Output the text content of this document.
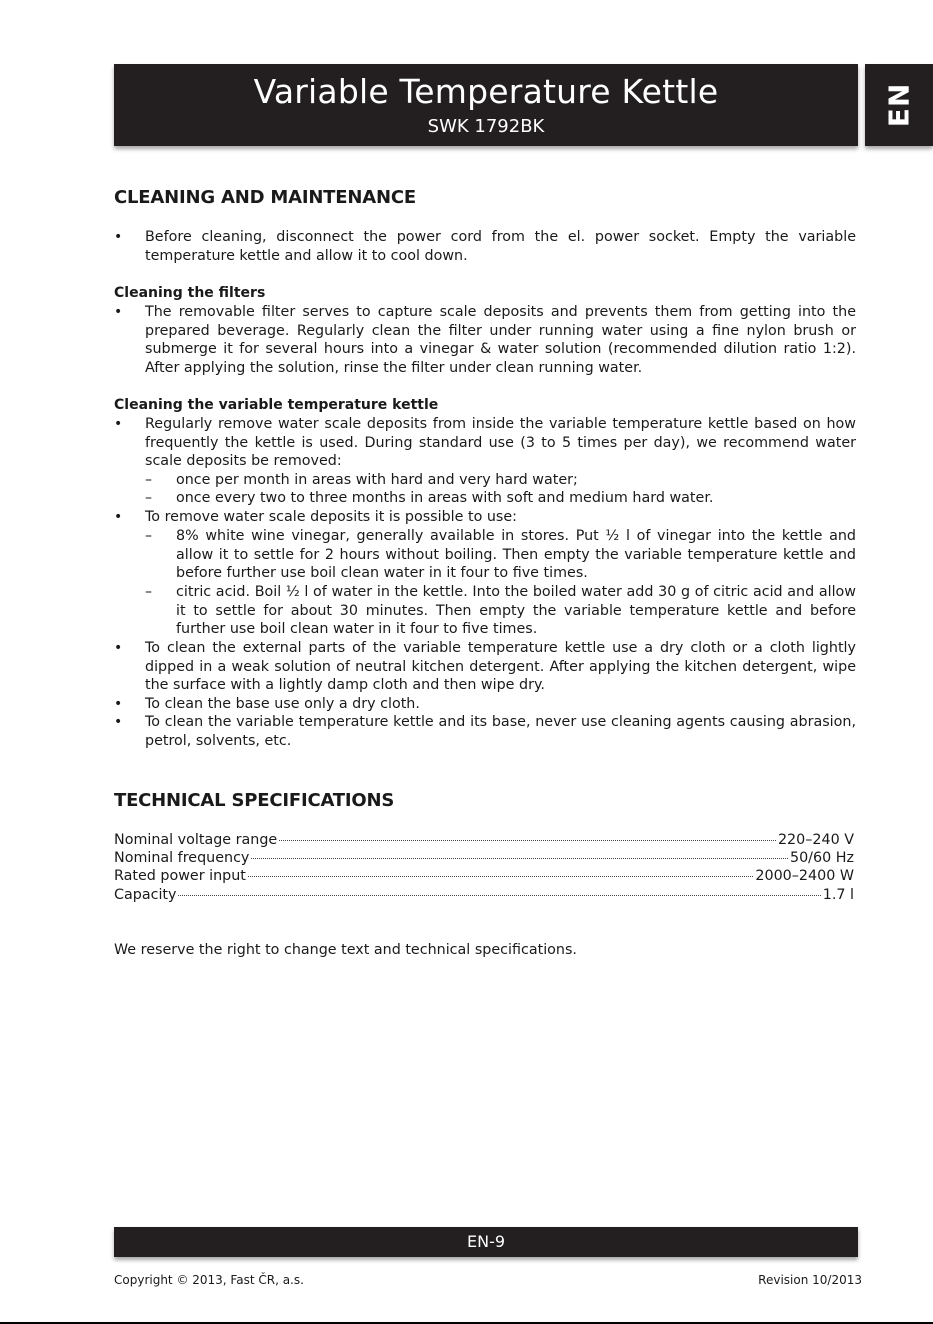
Variable Temperature Kettle
SWK 1792BK	EN
CLEANING AND MAINTENANCE
• Before cleaning, disconnect the power cord from the el. power socket. Empty the variable temperature kettle and allow it to cool down.
Cleaning the filters
• The removable filter serves to capture scale deposits and prevents them from getting into the prepared beverage. Regularly clean the filter under running water using a fine nylon brush or submerge it for several hours into a vinegar & water solution (recommended dilution ratio 1:2). After applying the solution, rinse the filter under clean running water.
Cleaning the variable temperature kettle
• Regularly remove water scale deposits from inside the variable temperature kettle based on how frequently the kettle is used. During standard use (3 to 5 times per day), we recommend water scale deposits be removed:
– once per month in areas with hard and very hard water;
– once every two to three months in areas with soft and medium hard water.
• To remove water scale deposits it is possible to use:
– 8% white wine vinegar, generally available in stores. Put ½ l of vinegar into the kettle and allow it to settle for 2 hours without boiling. Then empty the variable temperature kettle and before further use boil clean water in it four to five times.
– citric acid. Boil ½ l of water in the kettle. Into the boiled water add 30 g of citric acid and allow it to settle for about 30 minutes. Then empty the variable temperature kettle and before further use boil clean water in it four to five times.
• To clean the external parts of the variable temperature kettle use a dry cloth or a cloth lightly dipped in a weak solution of neutral kitchen detergent. After applying the kitchen detergent, wipe the surface with a lightly damp cloth and then wipe dry.
• To clean the base use only a dry cloth.
• To clean the variable temperature kettle and its base, never use cleaning agents causing abrasion, petrol, solvents, etc.
TECHNICAL SPECIFICATIONS
Nominal voltage range	220–240 V
Nominal frequency	50/60 Hz
Rated power input	2000–2400 W
Capacity	1.7 l
We reserve the right to change text and technical specifications.
EN-9
Copyright © 2013, Fast ČR, a.s.	Revision 10/2013
